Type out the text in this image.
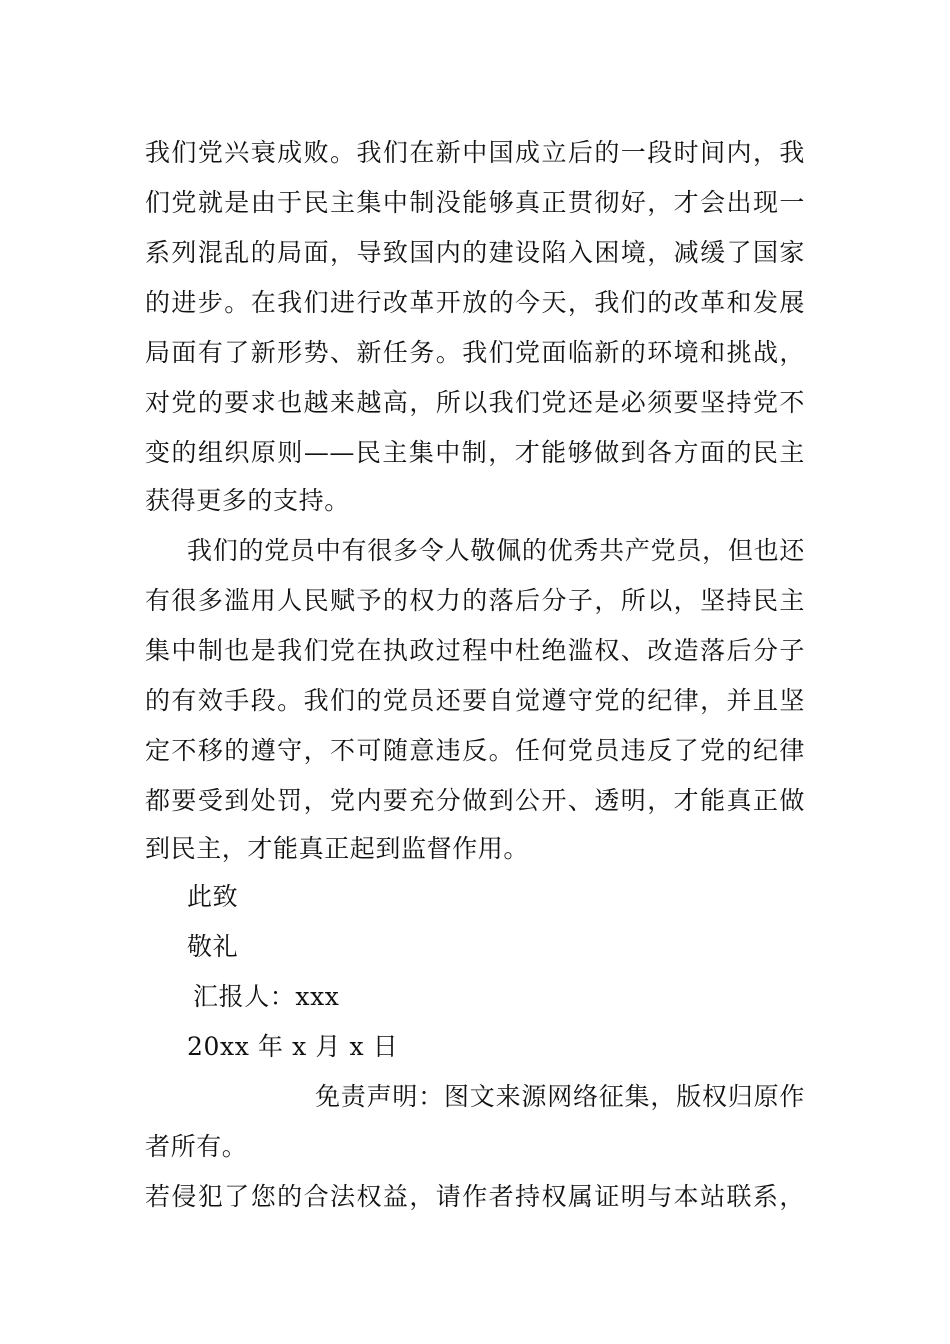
我们党兴衰成败。我们在新中国成立后的一段时间内，我
们党就是由于民主集中制没能够真正贯彻好，才会出现一
系列混乱的局面，导致国内的建设陷入困境，减缓了国家
的进步。在我们进行改革开放的今天，我们的改革和发展
局面有了新形势、新任务。我们党面临新的环境和挑战，
对党的要求也越来越高，所以我们党还是必须要坚持党不
变的组织原则——民主集中制，才能够做到各方面的民主
获得更多的支持。
我们的党员中有很多令人敬佩的优秀共产党员，但也还
有很多滥用人民赋予的权力的落后分子，所以，坚持民主
集中制也是我们党在执政过程中杜绝滥权、改造落后分子
的有效手段。我们的党员还要自觉遵守党的纪律，并且坚
定不移的遵守，不可随意违反。任何党员违反了党的纪律
都要受到处罚，党内要充分做到公开、透明，才能真正做
到民主，才能真正起到监督作用。
此致
敬礼
汇报人：xxx
20xx 年 x 月 x 日
免责声明：图文来源网络征集，版权归原作
者所有。
若侵犯了您的合法权益，请作者持权属证明与本站联系，
